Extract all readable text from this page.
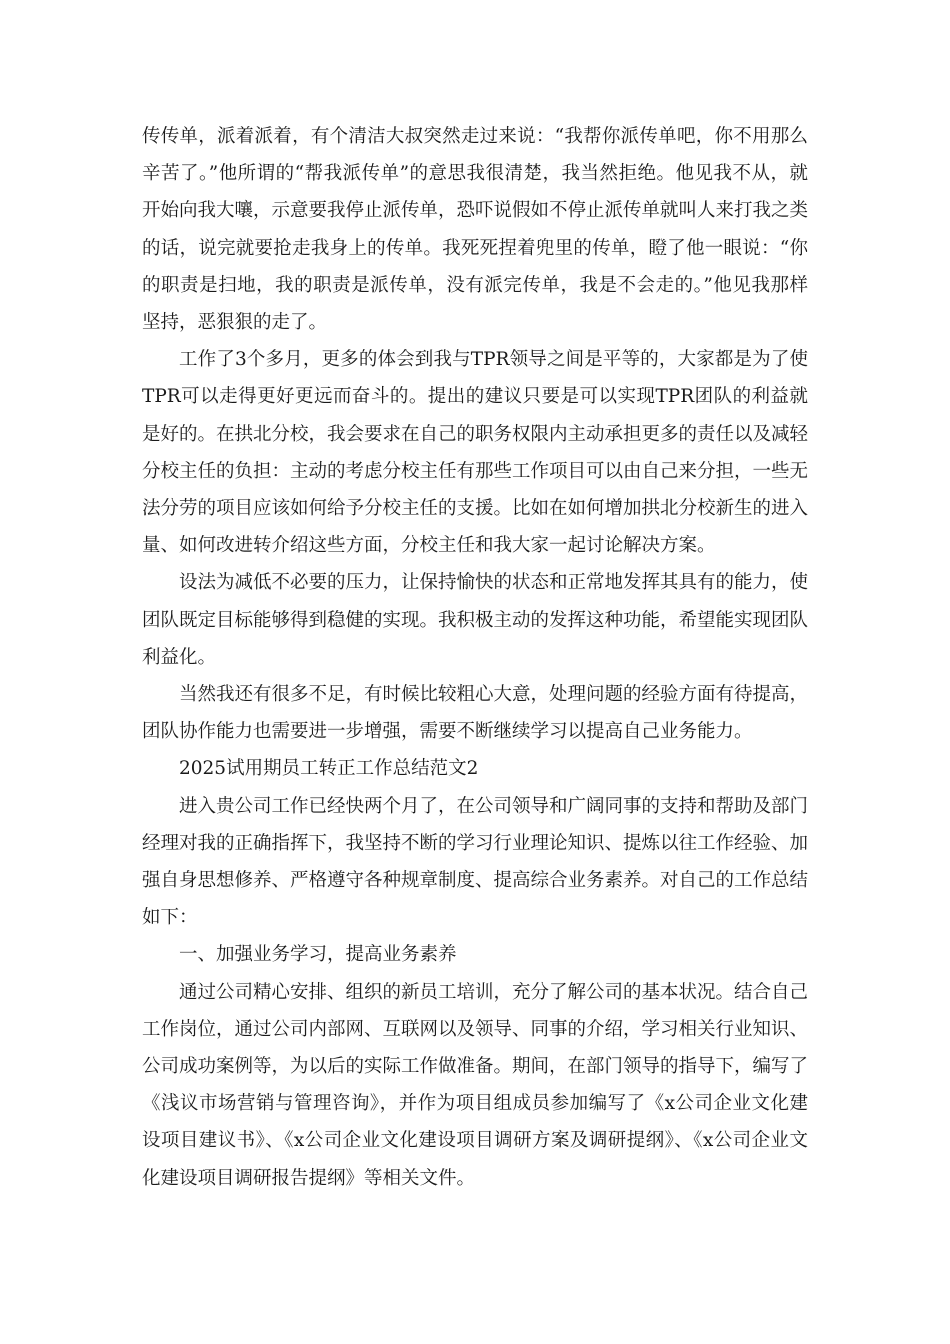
传传单，派着派着，有个清洁大叔突然走过来说：“我帮你派传单吧，你不用那么辛苦了。”他所谓的“帮我派传单”的意思我很清楚，我当然拒绝。他见我不从，就开始向我大嚷，示意要我停止派传单，恐吓说假如不停止派传单就叫人来打我之类的话，说完就要抢走我身上的传单。我死死捏着兜里的传单，瞪了他一眼说：“你的职责是扫地，我的职责是派传单，没有派完传单，我是不会走的。”他见我那样坚持，恶狠狠的走了。

工作了3个多月，更多的体会到我与TPR领导之间是平等的，大家都是为了使TPR可以走得更好更远而奋斗的。提出的建议只要是可以实现TPR团队的利益就是好的。在拱北分校，我会要求在自己的职务权限内主动承担更多的责任以及减轻分校主任的负担：主动的考虑分校主任有那些工作项目可以由自己来分担，一些无法分劳的项目应该如何给予分校主任的支援。比如在如何增加拱北分校新生的进入量、如何改进转介绍这些方面，分校主任和我大家一起讨论解决方案。

设法为减低不必要的压力，让保持愉快的状态和正常地发挥其具有的能力，使团队既定目标能够得到稳健的实现。我积极主动的发挥这种功能，希望能实现团队利益化。

当然我还有很多不足，有时候比较粗心大意，处理问题的经验方面有待提高，团队协作能力也需要进一步增强，需要不断继续学习以提高自己业务能力。

2025试用期员工转正工作总结范文2

进入贵公司工作已经快两个月了，在公司领导和广阔同事的支持和帮助及部门经理对我的正确指挥下，我坚持不断的学习行业理论知识、提炼以往工作经验、加强自身思想修养、严格遵守各种规章制度、提高综合业务素养。对自己的工作总结如下：

一、加强业务学习，提高业务素养

通过公司精心安排、组织的新员工培训，充分了解公司的基本状况。结合自己工作岗位，通过公司内部网、互联网以及领导、同事的介绍，学习相关行业知识、公司成功案例等，为以后的实际工作做准备。期间，在部门领导的指导下，编写了《浅议市场营销与管理咨询》，并作为项目组成员参加编写了《x公司企业文化建设项目建议书》、《x公司企业文化建设项目调研方案及调研提纲》、《x公司企业文化建设项目调研报告提纲》等相关文件。
